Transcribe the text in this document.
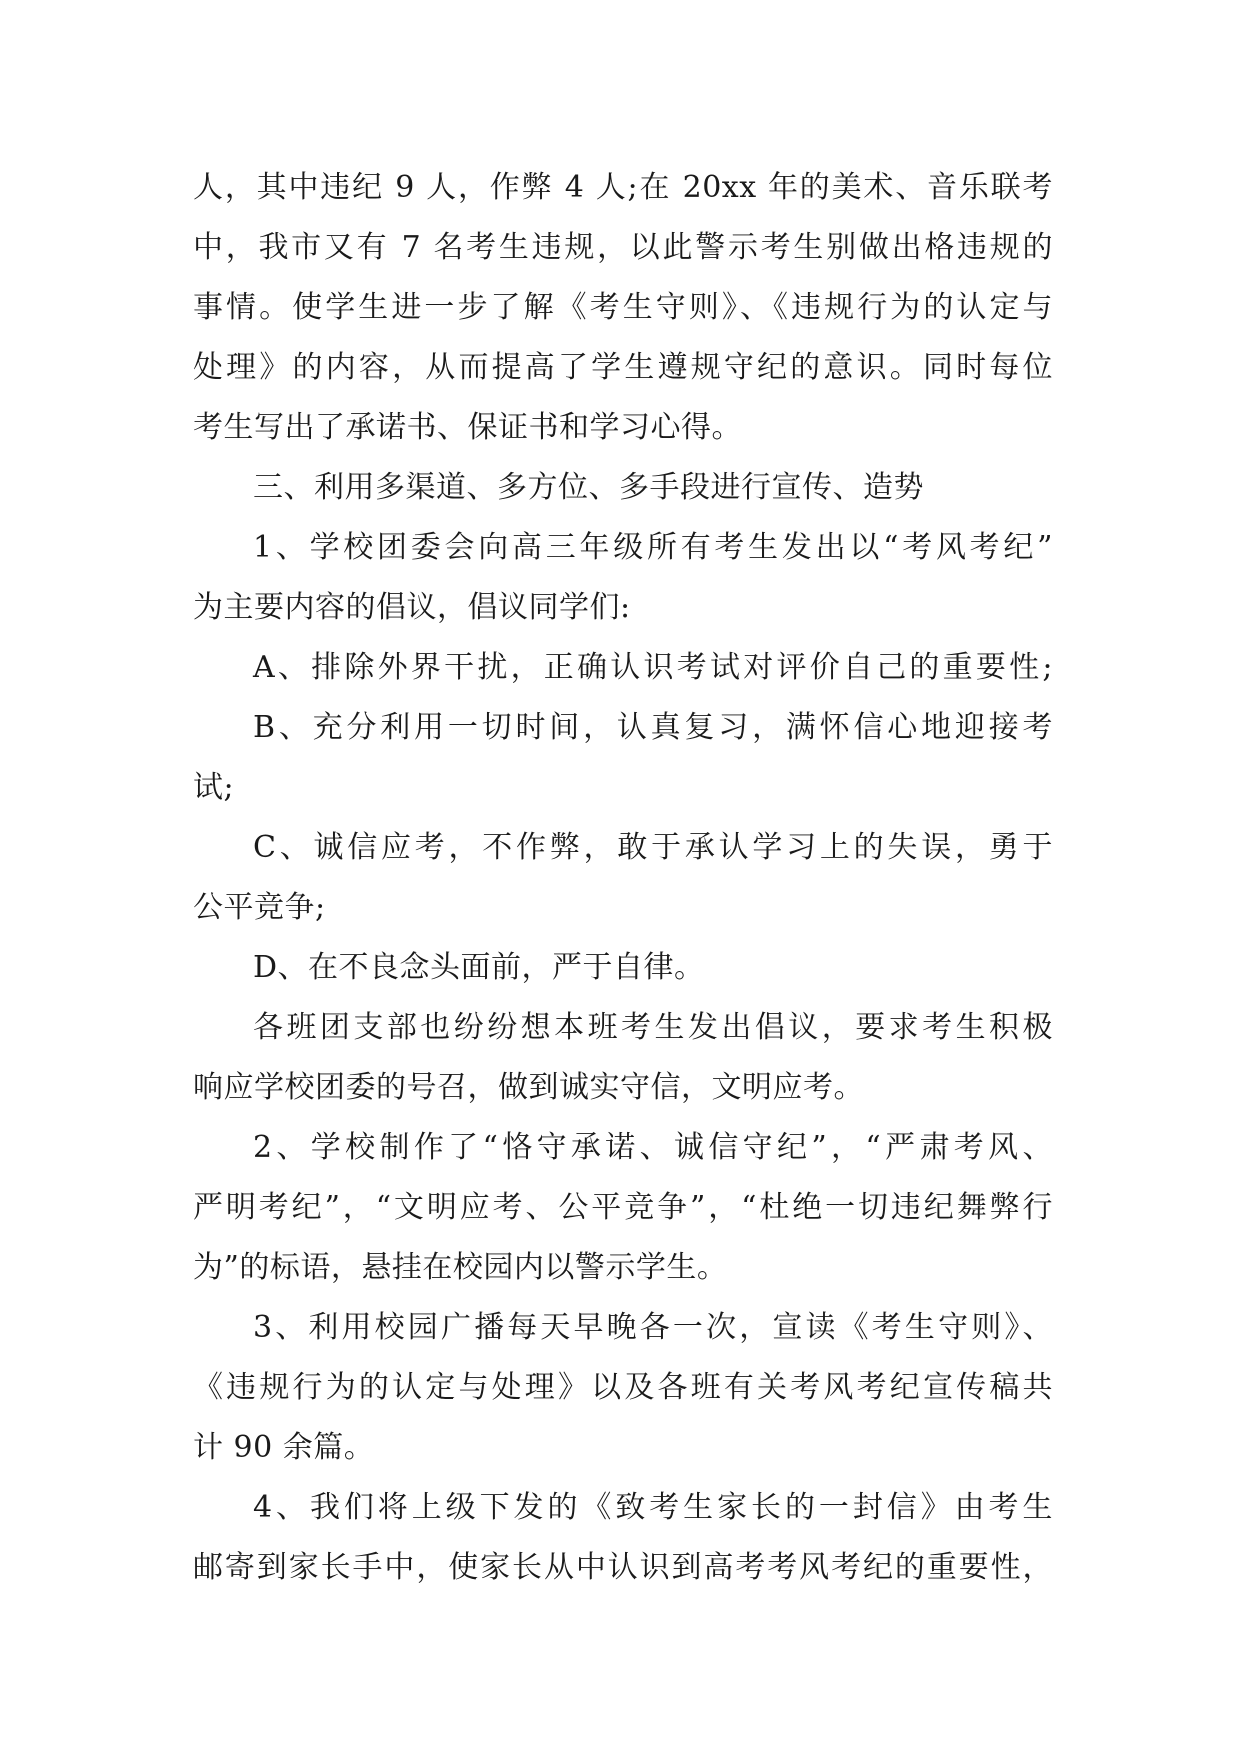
人，其中违纪 9 人，作弊 4 人;在 20xx 年的美术、音乐联考
中，我市又有 7 名考生违规，以此警示考生别做出格违规的
事情。使学生进一步了解《考生守则》、《违规行为的认定与
处理》的内容，从而提高了学生遵规守纪的意识。同时每位
考生写出了承诺书、保证书和学习心得。
三、利用多渠道、多方位、多手段进行宣传、造势
1、学校团委会向高三年级所有考生发出以“考风考纪”
为主要内容的倡议，倡议同学们:
A、排除外界干扰，正确认识考试对评价自己的重要性;
B、充分利用一切时间，认真复习，满怀信心地迎接考
试;
C、诚信应考，不作弊，敢于承认学习上的失误，勇于
公平竞争;
D、在不良念头面前，严于自律。
各班团支部也纷纷想本班考生发出倡议，要求考生积极
响应学校团委的号召，做到诚实守信，文明应考。
2、学校制作了“恪守承诺、诚信守纪”，“严肃考风、
严明考纪”，“文明应考、公平竞争”，“杜绝一切违纪舞弊行
为”的标语，悬挂在校园内以警示学生。
3、利用校园广播每天早晚各一次，宣读《考生守则》、
《违规行为的认定与处理》以及各班有关考风考纪宣传稿共
计 90 余篇。
4、我们将上级下发的《致考生家长的一封信》由考生
邮寄到家长手中，使家长从中认识到高考考风考纪的重要性，
